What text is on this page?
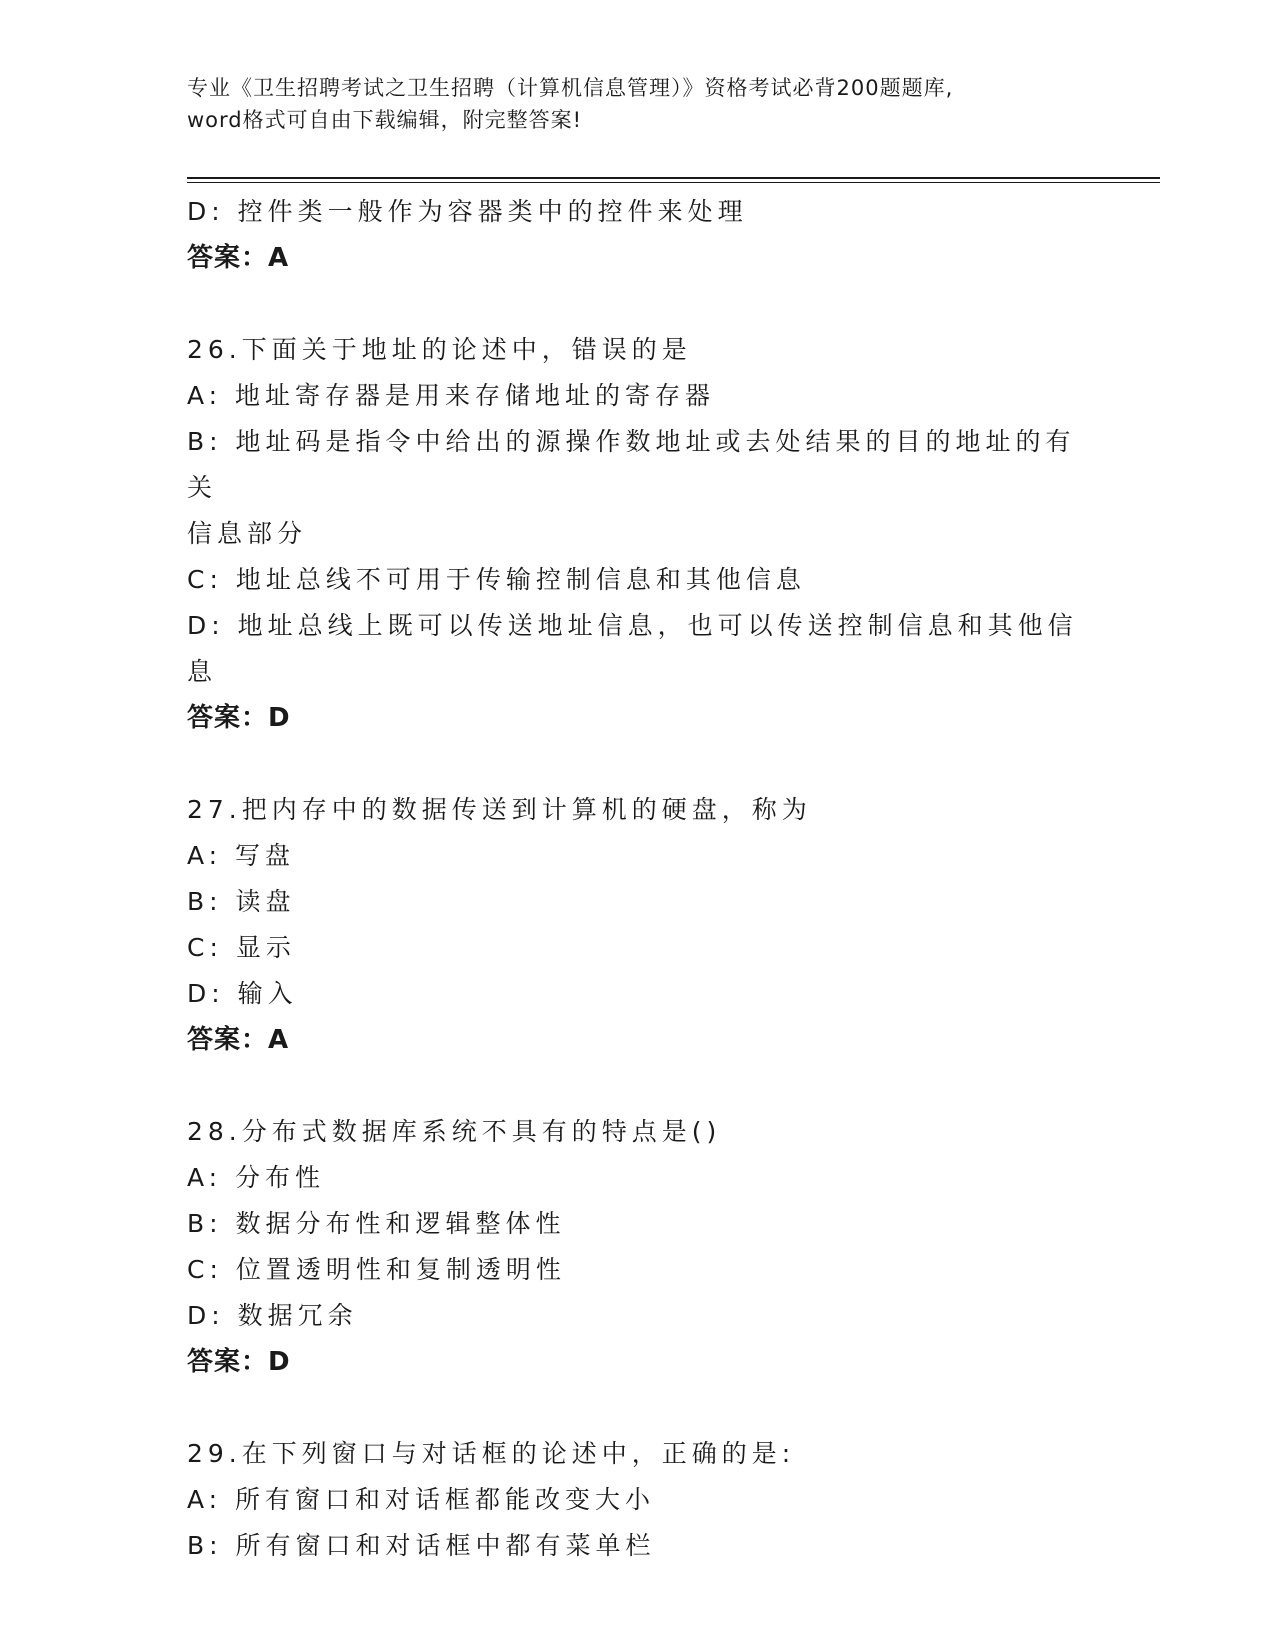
专业《卫生招聘考试之卫生招聘（计算机信息管理）》资格考试必背200题题库,
word格式可自由下载编辑，附完整答案!
D: 控件类一般作为容器类中的控件来处理
答案：A
26.下面关于地址的论述中，错误的是
A: 地址寄存器是用来存储地址的寄存器
B: 地址码是指令中给出的源操作数地址或去处结果的目的地址的有关
信息部分
C: 地址总线不可用于传输控制信息和其他信息
D: 地址总线上既可以传送地址信息，也可以传送控制信息和其他信息
答案：D
27.把内存中的数据传送到计算机的硬盘，称为
A: 写盘
B: 读盘
C: 显示
D: 输入
答案：A
28.分布式数据库系统不具有的特点是()
A: 分布性
B: 数据分布性和逻辑整体性
C: 位置透明性和复制透明性
D: 数据冗余
答案：D
29.在下列窗口与对话框的论述中，正确的是:
A: 所有窗口和对话框都能改变大小
B: 所有窗口和对话框中都有菜单栏
